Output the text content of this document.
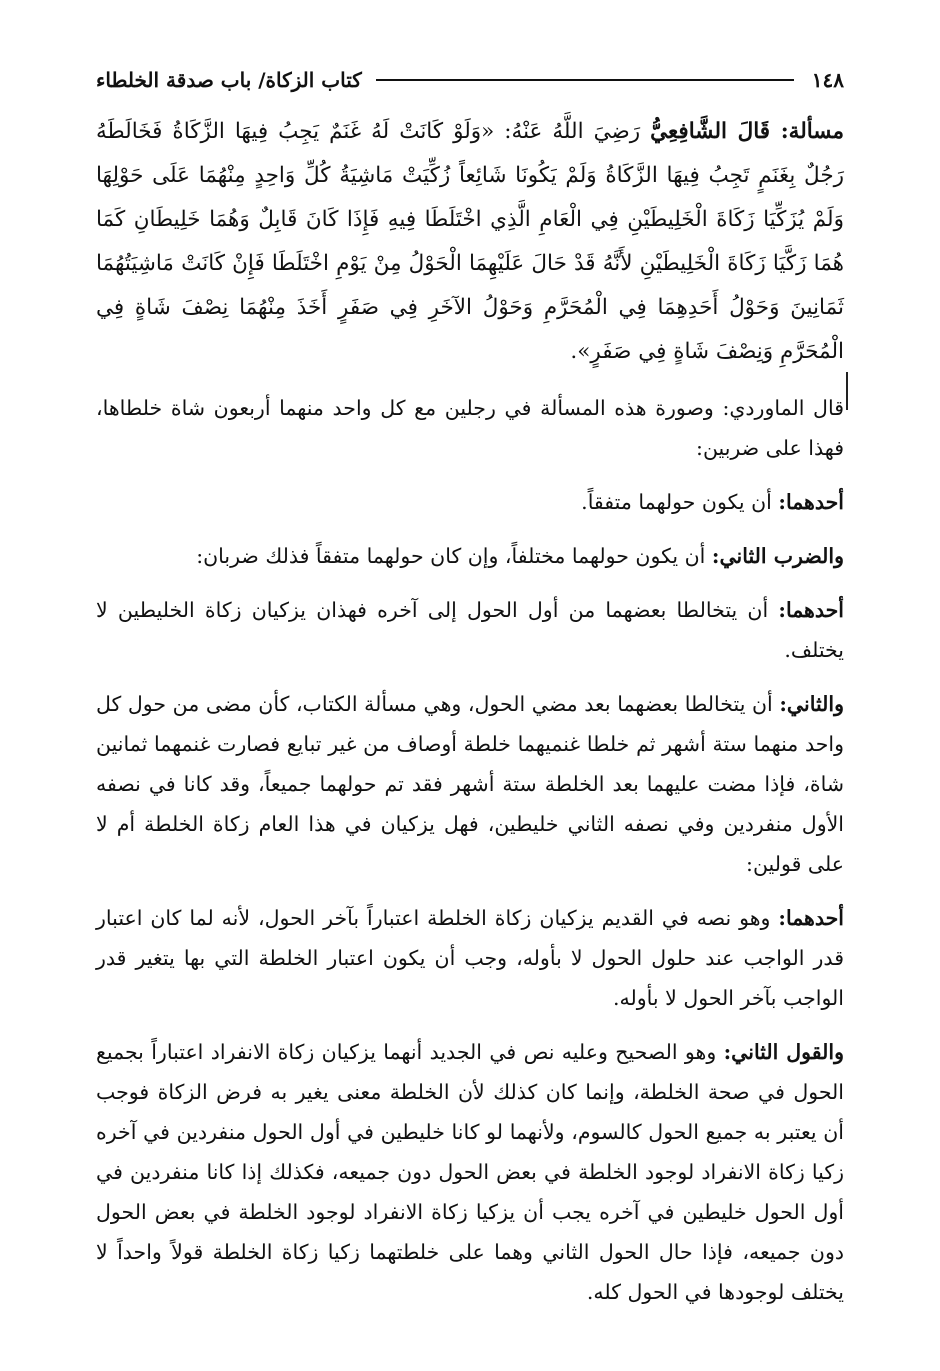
١٤٨
كتاب الزكاة/ باب صدقة الخلطاء

مسألة: قَالَ الشَّافِعِيُّ رَضِيَ اللَّهُ عَنْهُ: «وَلَوْ كَانَتْ لَهُ غَنَمٌ يَجِبُ فِيهَا الزَّكَاةُ فَخَالَطَهُ رَجُلٌ بِغَنَمٍ تَجِبُ فِيهَا الزَّكَاةُ وَلَمْ يَكُونَا شَائِعاً زُكِّيَتْ مَاشِيَةُ كُلِّ وَاحِدٍ مِنْهُمَا عَلَى حَوْلِهَا وَلَمْ يُزَكِّيَا زَكَاةَ الْخَلِيطَيْنِ فِي الْعَامِ الَّذِي اخْتَلَطَا فِيهِ فَإِذَا كَانَ قَابِلٌ وَهُمَا خَلِيطَانِ كَمَا هُمَا زَكَّيَا زَكَاةَ الْخَلِيطَيْنِ لأَنَّهُ قَدْ حَالَ عَلَيْهِمَا الْحَوْلُ مِنْ يَوْمِ اخْتَلَطَا فَإِنْ كَانَتْ مَاشِيَتُهُمَا ثَمَانِينَ وَحَوْلُ أَحَدِهِمَا فِي الْمُحَرَّمِ وَحَوْلُ الآخَرِ فِي صَفَرٍ أَخَذَ مِنْهُمَا نِصْفَ شَاةٍ فِي الْمُحَرَّمِ وَنِصْفَ شَاةٍ فِي صَفَرٍ».

قال الماوردي: وصورة هذه المسألة في رجلين مع كل واحد منهما أربعون شاة خلطاها، فهذا على ضربين:

أحدهما: أن يكون حولهما متفقاً.

والضرب الثاني: أن يكون حولهما مختلفاً، وإن كان حولهما متفقاً فذلك ضربان:

أحدهما: أن يتخالطا بعضهما من أول الحول إلى آخره فهذان يزكيان زكاة الخليطين لا يختلف.

والثاني: أن يتخالطا بعضهما بعد مضي الحول، وهي مسألة الكتاب، كأن مضى من حول كل واحد منهما ستة أشهر ثم خلطا غنميهما خلطة أوصاف من غير تبايع فصارت غنمهما ثمانين شاة، فإذا مضت عليهما بعد الخلطة ستة أشهر فقد تم حولهما جميعاً، وقد كانا في نصفه الأول منفردين وفي نصفه الثاني خليطين، فهل يزكيان في هذا العام زكاة الخلطة أم لا على قولين:

أحدهما: وهو نصه في القديم يزكيان زكاة الخلطة اعتباراً بآخر الحول، لأنه لما كان اعتبار قدر الواجب عند حلول الحول لا بأوله، وجب أن يكون اعتبار الخلطة التي بها يتغير قدر الواجب بآخر الحول لا بأوله.

والقول الثاني: وهو الصحيح وعليه نص في الجديد أنهما يزكيان زكاة الانفراد اعتباراً بجميع الحول في صحة الخلطة، وإنما كان كذلك لأن الخلطة معنى يغير به فرض الزكاة فوجب أن يعتبر به جميع الحول كالسوم، ولأنهما لو كانا خليطين في أول الحول منفردين في آخره زكيا زكاة الانفراد لوجود الخلطة في بعض الحول دون جميعه، فكذلك إذا كانا منفردين في أول الحول خليطين في آخره يجب أن يزكيا زكاة الانفراد لوجود الخلطة في بعض الحول دون جميعه، فإذا حال الحول الثاني وهما على خلطتهما زكيا زكاة الخلطة قولاً واحداً لا يختلف لوجودها في الحول كله.
